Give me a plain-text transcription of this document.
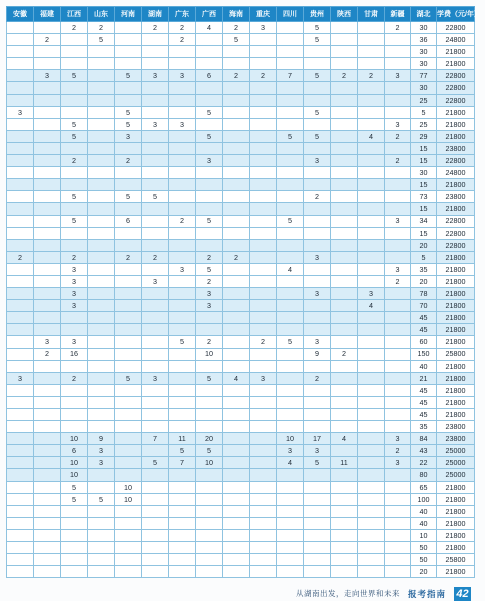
安徽	福建	江西	山东	河南	湖南	广东	广西	海南	重庆	四川	贵州	陕西	甘肃	新疆	湖北	学费（元/年）
		2	2		2	2	4	2	3		5			2	30	22800
	2		5			2		5			5				36	24800
															30	21800
															30	21800
	3	5		5	3	3	6	2	2	7	5	2	2	3	77	22800
															30	22800
															25	22800
3				5			5				5				5	21800
		5		5	3	3								3	25	21800
		5		3			5			5	5		4	2	29	21800
															15	23800
		2		2			3				3			2	15	22800
															30	24800
															15	21800
		5		5	5						2				73	23800
															15	21800
		5		6		2	5			5				3	34	22800
															15	22800
															20	22800
2		2		2	2		2	2			3				5	21800
		3				3	5			4				3	35	21800
		3			3		2							2	20	21800
		3					3				3		3		78	21800
		3					3						4		70	21800
															45	21800
															45	21800
	3	3				5	2		2	5	3				60	21800
	2	16					10				9	2			150	25800
															40	21800
3		2		5	3		5	4	3		2				21	21800
															45	21800
															45	21800
															45	21800
															35	23800
		10	9		7	11	20			10	17	4		3	84	23800
		6	3			5	5			3	3			2	43	25000
		10	3		5	7	10			4	5	11		3	22	25000
		10													80	25000
		5		10											65	21800
		5	5	10											100	21800
															40	21800
															40	21800
															10	21800
															50	21800
															50	25800
															20	21800
从湖南出发，走向世界和未来 报考指南 42
